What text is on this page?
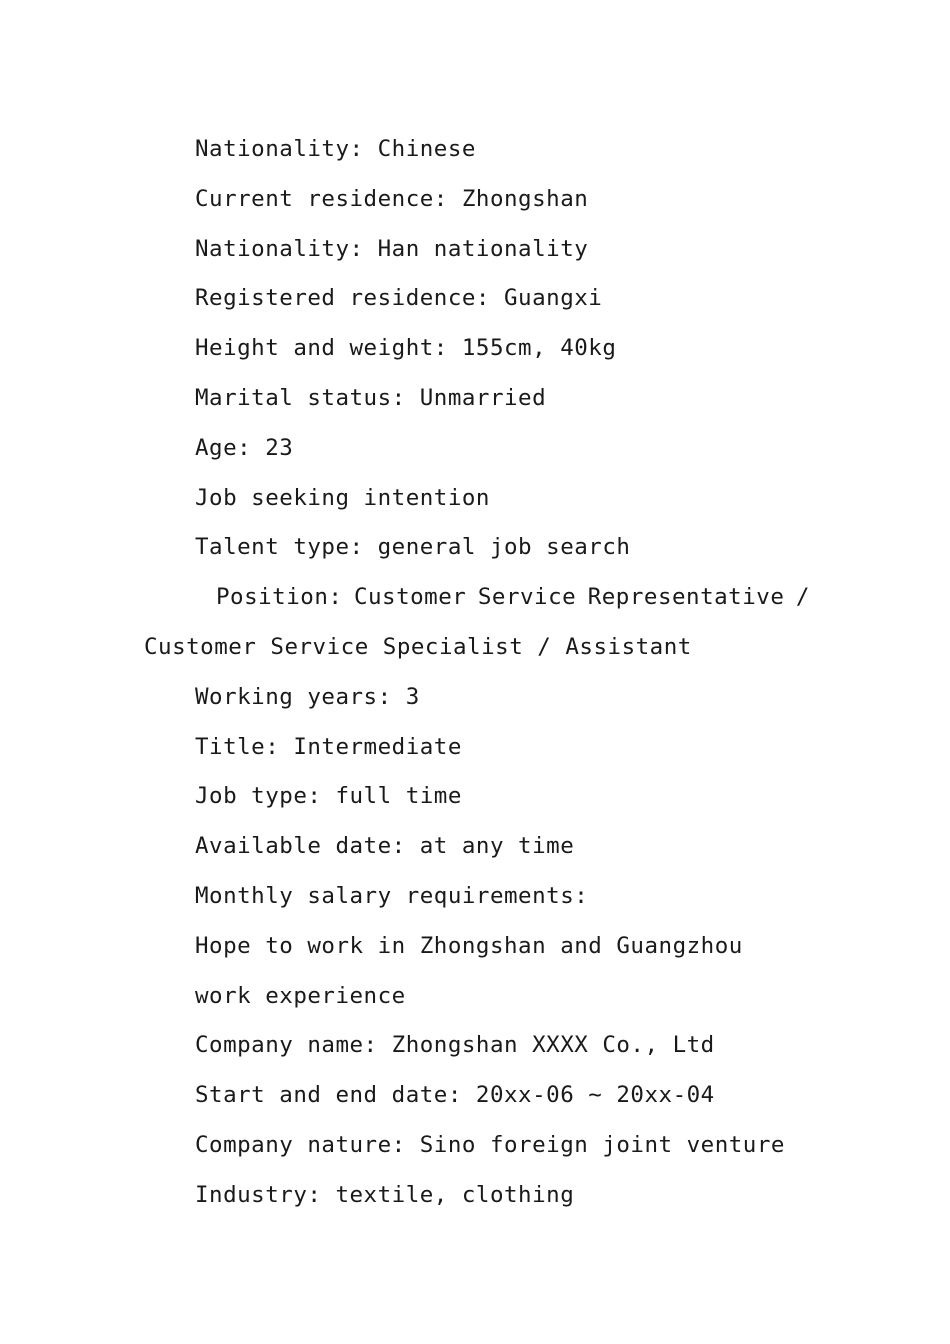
Nationality: Chinese
Current residence: Zhongshan
Nationality: Han nationality
Registered residence: Guangxi
Height and weight: 155cm, 40kg
Marital status: Unmarried
Age: 23
Job seeking intention
Talent type: general job search
Position: Customer Service Representative /
Customer Service Specialist / Assistant
Working years: 3
Title: Intermediate
Job type: full time
Available date: at any time
Monthly salary requirements:
Hope to work in Zhongshan and Guangzhou
work experience
Company name: Zhongshan XXXX Co., Ltd
Start and end date: 20xx-06 ~ 20xx-04
Company nature: Sino foreign joint venture
Industry: textile, clothing
